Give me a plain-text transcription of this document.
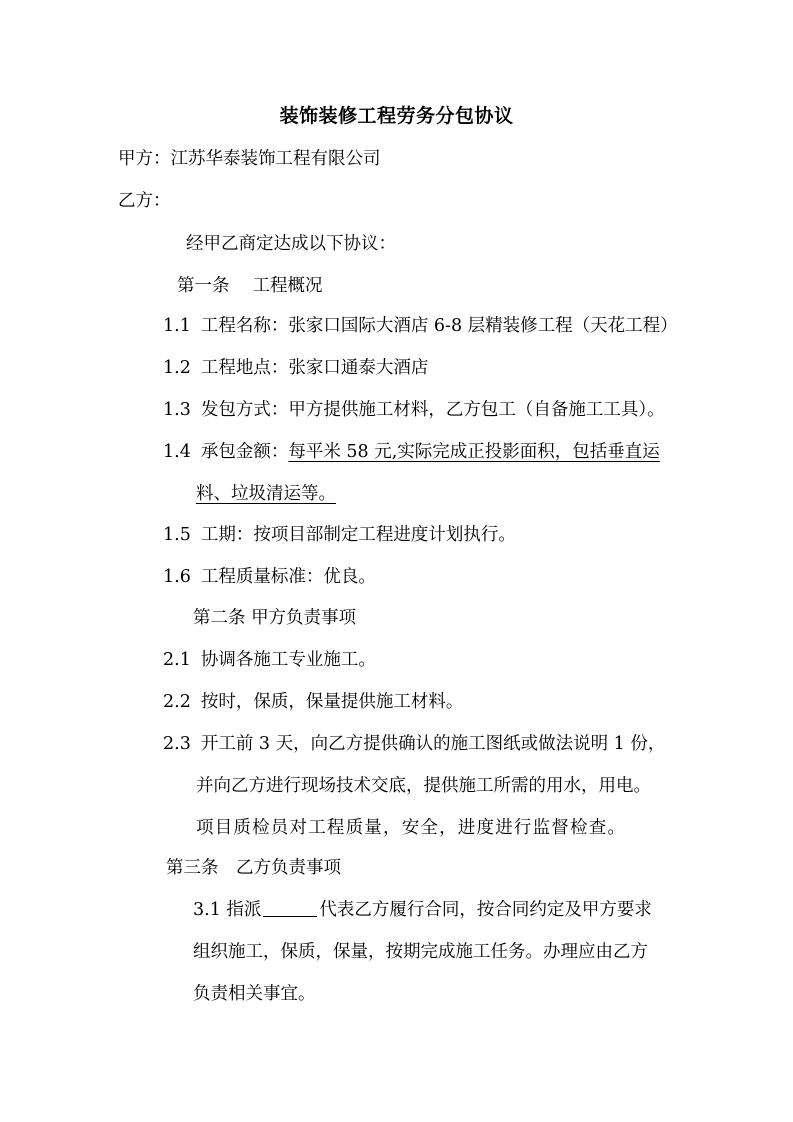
装饰装修工程劳务分包协议
甲方：江苏华泰装饰工程有限公司
乙方：
经甲乙商定达成以下协议：
第一条　 工程概况
1.1 工程名称：张家口国际大酒店 6-8 层精装修工程（天花工程）
1.2 工程地点：张家口通泰大酒店
1.3 发包方式：甲方提供施工材料，乙方包工（自备施工工具）。
1.4 承包金额：每平米 58 元,实际完成正投影面积，包括垂直运
料、垃圾清运等。
1.5 工期：按项目部制定工程进度计划执行。
1.6 工程质量标准：优良。
第二条 甲方负责事项
2.1 协调各施工专业施工。
2.2 按时，保质，保量提供施工材料。
2.3 开工前 3 天，向乙方提供确认的施工图纸或做法说明 1 份，
并向乙方进行现场技术交底，提供施工所需的用水，用电。
项目质检员对工程质量，安全，进度进行监督检查。
第三条　乙方负责事项
3.1 指派	代表乙方履行合同，按合同约定及甲方要求
组织施工，保质，保量，按期完成施工任务。办理应由乙方
负责相关事宜。
